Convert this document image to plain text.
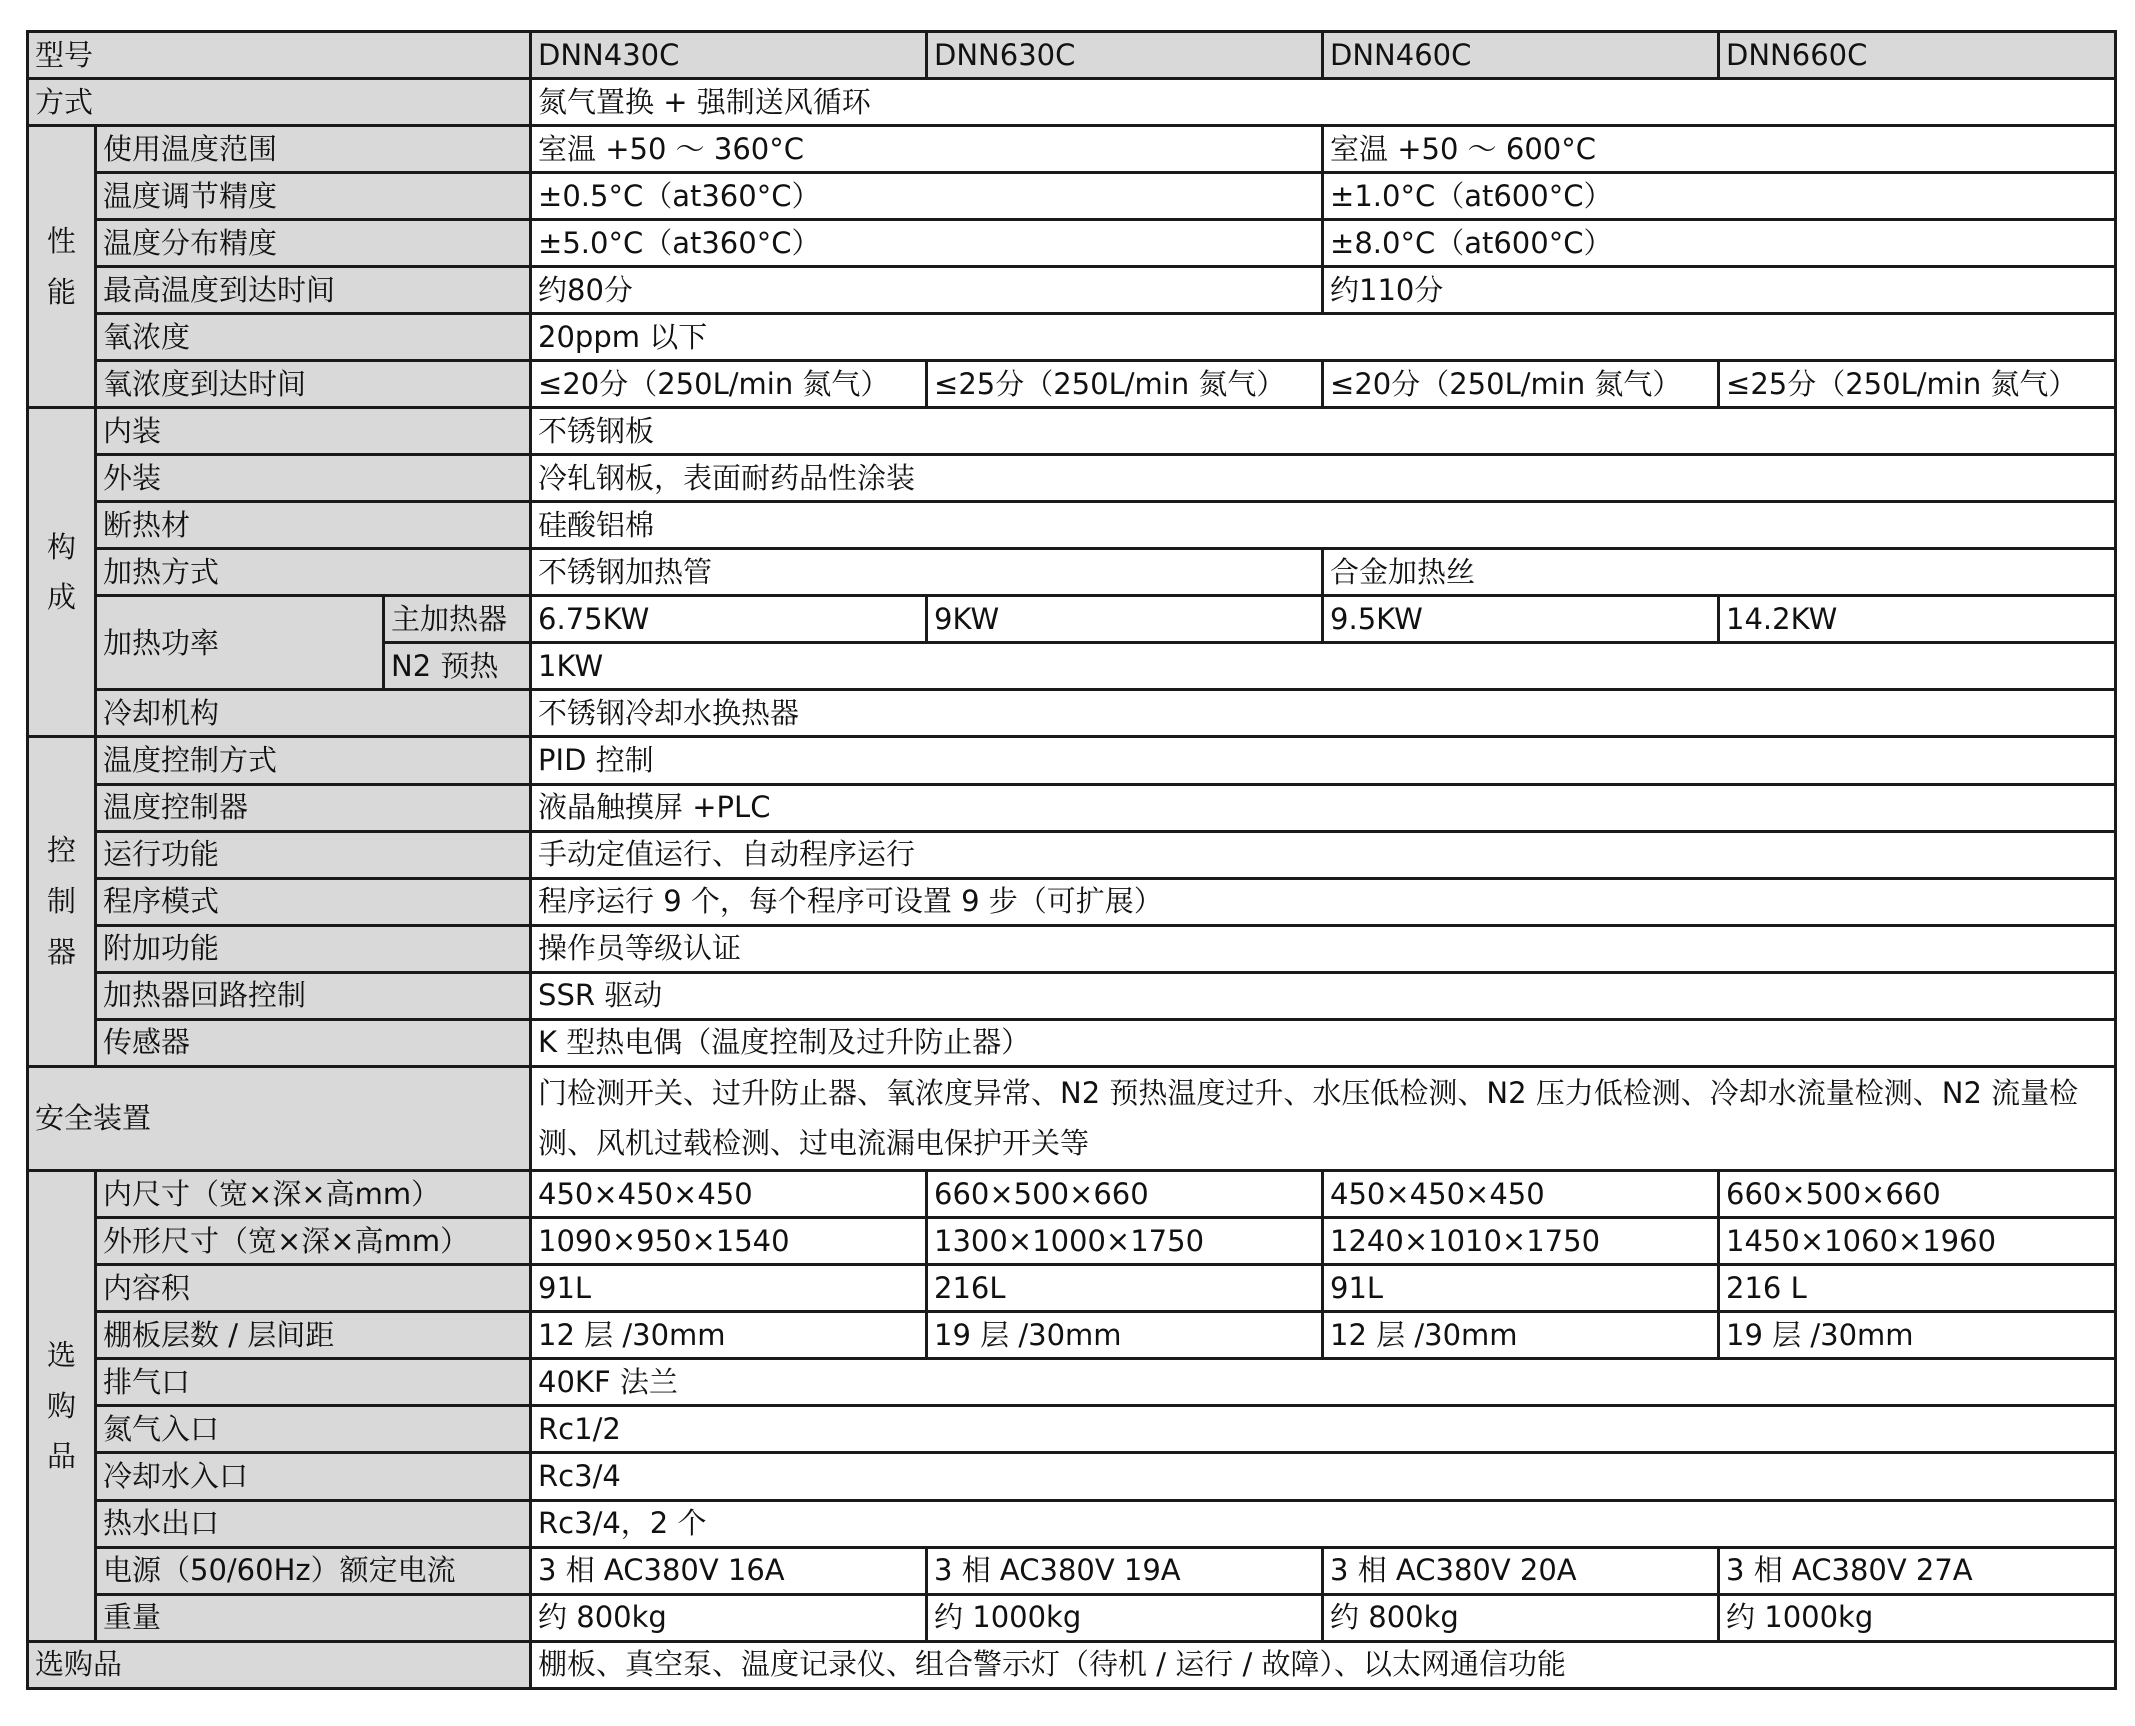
型号			DNN430C	DNN630C	DNN460C	DNN660C
方式			氮气置换 + 强制送风循环			
性能	使用温度范围		室温 +50 ～ 360°C		室温 +50 ～ 600°C	
	温度调节精度		±0.5°C（at360°C）		±1.0°C（at600°C）	
	温度分布精度		±5.0°C（at360°C）		±8.0°C（at600°C）	
	最高温度到达时间		约80分		约110分	
	氧浓度		20ppm 以下			
	氧浓度到达时间		≤20分（250L/min 氮气）	≤25分（250L/min 氮气）	≤20分（250L/min 氮气）	≤25分（250L/min 氮气）
构成	内装		不锈钢板			
	外装		冷轧钢板，表面耐药品性涂装			
	断热材		硅酸铝棉			
	加热方式		不锈钢加热管		合金加热丝	
	加热功率	主加热器	6.75KW	9KW	9.5KW	14.2KW
		N2 预热	1KW			
	冷却机构		不锈钢冷却水换热器			
控制器	温度控制方式		PID 控制			
	温度控制器		液晶触摸屏 +PLC			
	运行功能		手动定值运行、自动程序运行			
	程序模式		程序运行 9 个，每个程序可设置 9 步（可扩展）			
	附加功能		操作员等级认证			
	加热器回路控制		SSR 驱动			
	传感器		K 型热电偶（温度控制及过升防止器）			
安全装置			门检测开关、过升防止器、氧浓度异常、N2 预热温度过升、水压低检测、N2 压力低检测、冷却水流量检测、N2 流量检测、风机过载检测、过电流漏电保护开关等			
选购品	内尺寸（宽×深×高mm）		450×450×450	660×500×660	450×450×450	660×500×660
	外形尺寸（宽×深×高mm）		1090×950×1540	1300×1000×1750	1240×1010×1750	1450×1060×1960
	内容积		91L	216L	91L	216 L
	棚板层数 / 层间距		12 层 /30mm	19 层 /30mm	12 层 /30mm	19 层 /30mm
	排气口		40KF 法兰			
	氮气入口		Rc1/2			
	冷却水入口		Rc3/4			
	热水出口		Rc3/4，2 个			
	电源（50/60Hz）额定电流		3 相 AC380V 16A	3 相 AC380V 19A	3 相 AC380V 20A	3 相 AC380V 27A
	重量		约 800kg	约 1000kg	约 800kg	约 1000kg
选购品			棚板、真空泵、温度记录仪、组合警示灯（待机 / 运行 / 故障）、以太网通信功能			
